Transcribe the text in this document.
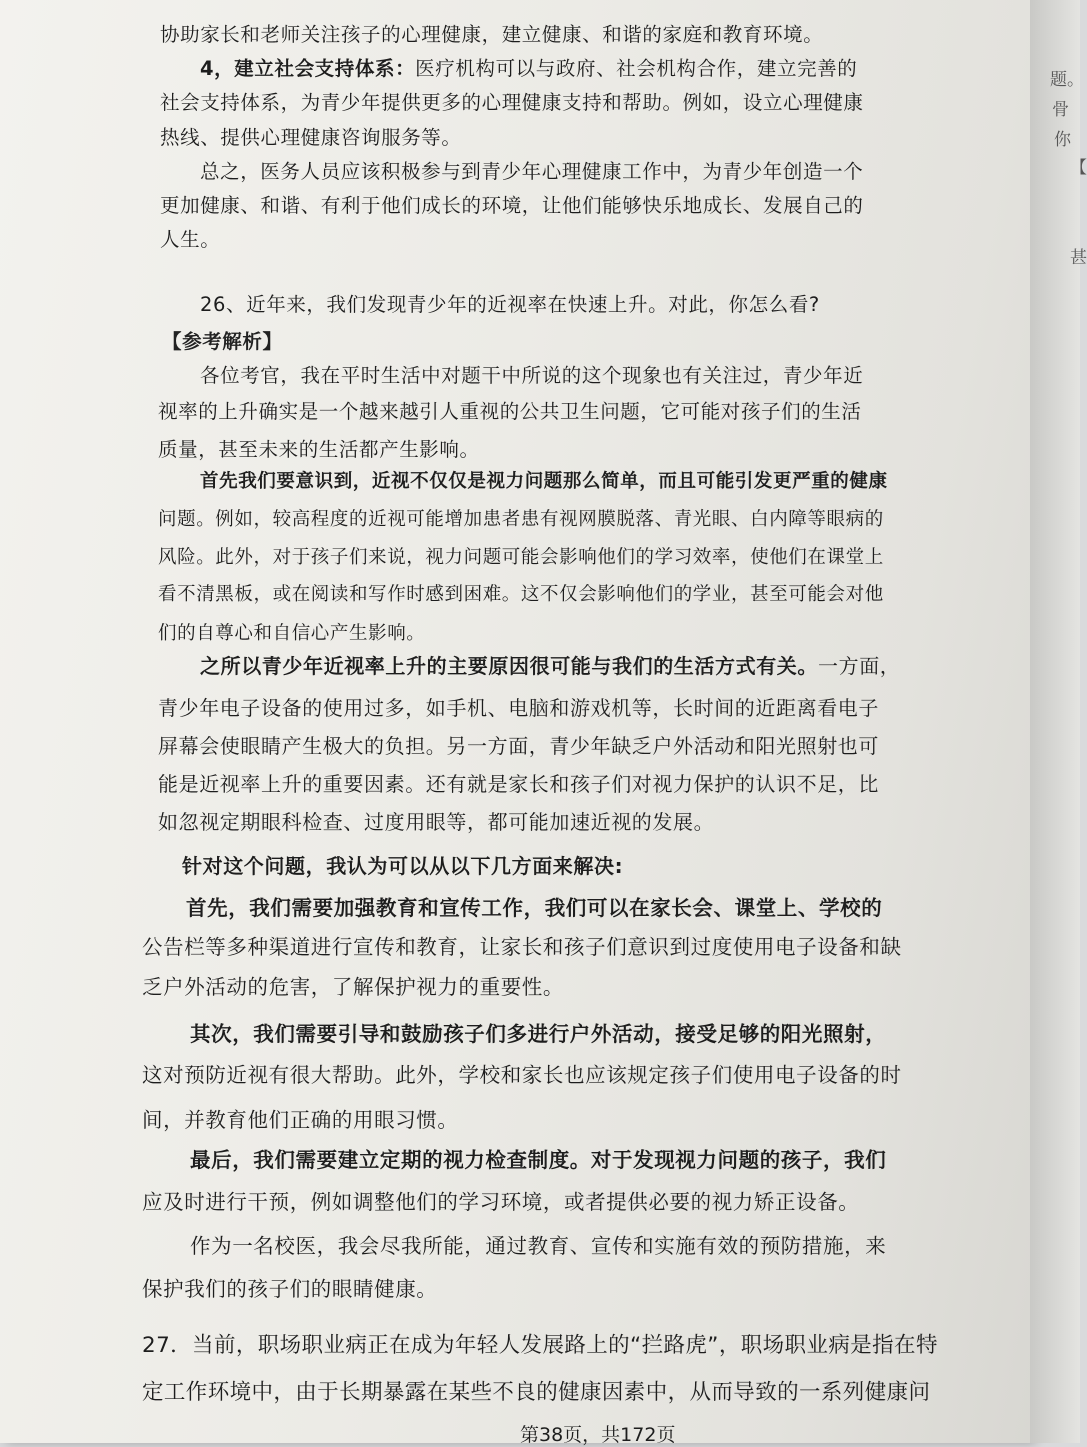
协助家长和老师关注孩子的心理健康，建立健康、和谐的家庭和教育环境。
4，建立社会支持体系：医疗机构可以与政府、社会机构合作，建立完善的
社会支持体系，为青少年提供更多的心理健康支持和帮助。例如，设立心理健康
热线、提供心理健康咨询服务等。
总之，医务人员应该积极参与到青少年心理健康工作中，为青少年创造一个
更加健康、和谐、有利于他们成长的环境，让他们能够快乐地成长、发展自己的
人生。
26、近年来，我们发现青少年的近视率在快速上升。对此，你怎么看?
【参考解析】
各位考官，我在平时生活中对题干中所说的这个现象也有关注过，青少年近
视率的上升确实是一个越来越引人重视的公共卫生问题，它可能对孩子们的生活
质量，甚至未来的生活都产生影响。
首先我们要意识到，近视不仅仅是视力问题那么简单，而且可能引发更严重的健康
问题。例如，较高程度的近视可能增加患者患有视网膜脱落、青光眼、白内障等眼病的
风险。此外，对于孩子们来说，视力问题可能会影响他们的学习效率，使他们在课堂上
看不清黑板，或在阅读和写作时感到困难。这不仅会影响他们的学业，甚至可能会对他
们的自尊心和自信心产生影响。
之所以青少年近视率上升的主要原因很可能与我们的生活方式有关。一方面，
青少年电子设备的使用过多，如手机、电脑和游戏机等，长时间的近距离看电子
屏幕会使眼睛产生极大的负担。另一方面，青少年缺乏户外活动和阳光照射也可
能是近视率上升的重要因素。还有就是家长和孩子们对视力保护的认识不足，比
如忽视定期眼科检查、过度用眼等，都可能加速近视的发展。
针对这个问题，我认为可以从以下几方面来解决:
首先，我们需要加强教育和宣传工作，我们可以在家长会、课堂上、学校的
公告栏等多种渠道进行宣传和教育，让家长和孩子们意识到过度使用电子设备和缺
乏户外活动的危害，了解保护视力的重要性。
其次，我们需要引导和鼓励孩子们多进行户外活动，接受足够的阳光照射，
这对预防近视有很大帮助。此外，学校和家长也应该规定孩子们使用电子设备的时
间，并教育他们正确的用眼习惯。
最后，我们需要建立定期的视力检查制度。对于发现视力问题的孩子，我们
应及时进行干预，例如调整他们的学习环境，或者提供必要的视力矫正设备。
作为一名校医，我会尽我所能，通过教育、宣传和实施有效的预防措施，来
保护我们的孩子们的眼睛健康。
27．当前，职场职业病正在成为年轻人发展路上的“拦路虎”，职场职业病是指在特
定工作环境中，由于长期暴露在某些不良的健康因素中，从而导致的一系列健康问
第38页，共172页
题。
骨
你
【
甚
